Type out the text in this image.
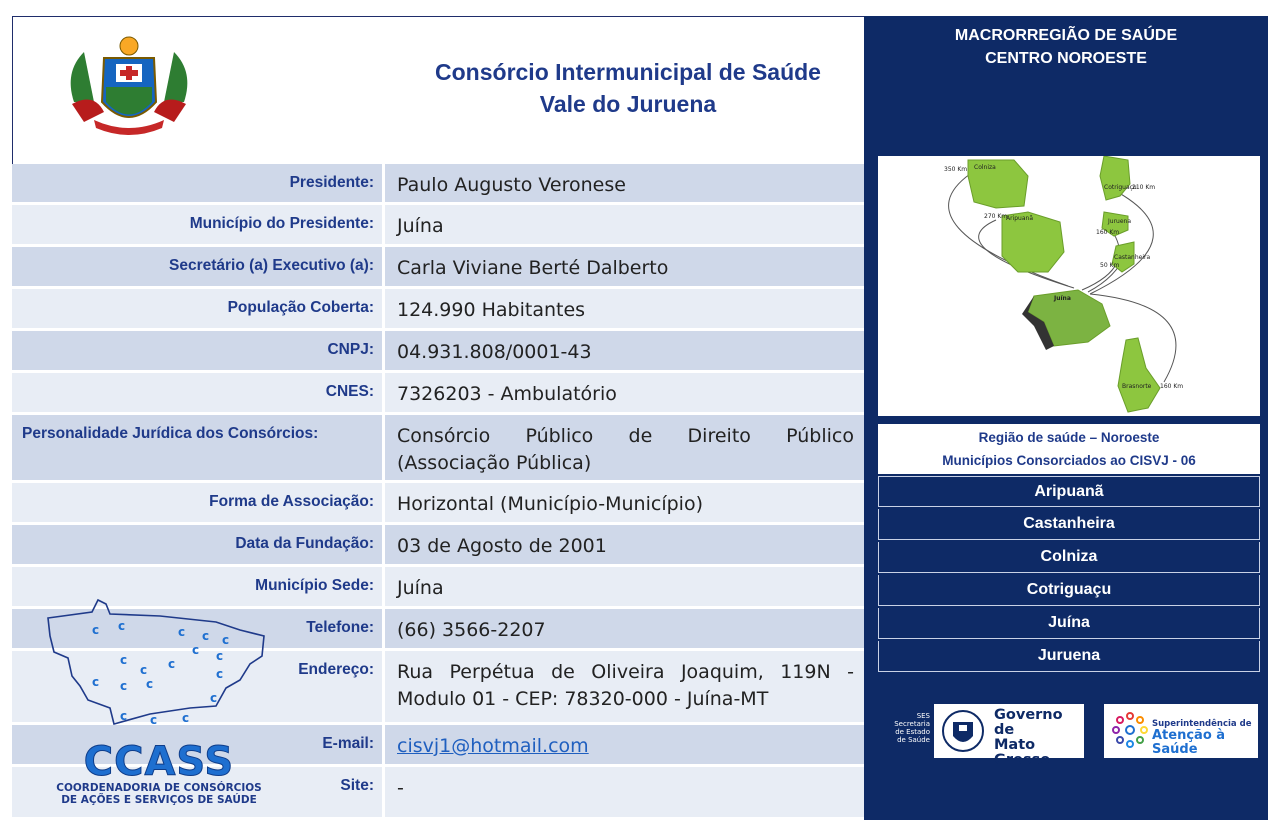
Consórcio Intermunicipal de Saúde
Vale do Juruena
Presidente:	Paulo Augusto Veronese
Município do Presidente:	Juína
Secretário (a) Executivo (a):	Carla Viviane Berté Dalberto
População Coberta:	124.990 Habitantes
CNPJ:	04.931.808/0001-43
CNES:	7326203 - Ambulatório
Personalidade Jurídica dos Consórcios:	Consórcio Público de Direito Público (Associação Pública)
Forma de Associação:	Horizontal (Município-Município)
Data da Fundação:	03 de Agosto de 2001
Município Sede:	Juína
Telefone:	(66) 3566-2207
Endereço:	Rua Perpétua de Oliveira Joaquim, 119N - Modulo 01 - CEP: 78320-000 - Juína-MT
E-mail:	cisvj1@hotmail.com
Site:	-
c c	c c c
c c
c	c
c	c
c c c
c
c c c
CCASS
COORDENADORIA DE CONSÓRCIOS
DE AÇÕES E SERVIÇOS DE SAÚDE
MACRORREGIÃO DE SAÚDE
CENTRO NOROESTE
Colniza
Cotriguaçu
Aripuanã	Juruena
Castanheira
Juína
Brasnorte
350 Km
210 Km
270 Km
160 Km
50 Km
160 Km
Região de saúde – Noroeste
Municípios Consorciados ao CISVJ - 06
Aripuanã
Castanheira
Colniza
Cotriguaçu
Juína
Juruena
SES
Secretaria
de Estado
de Saúde
Governo de
Mato
Grosso
Superintendência de
Atenção à Saúde
